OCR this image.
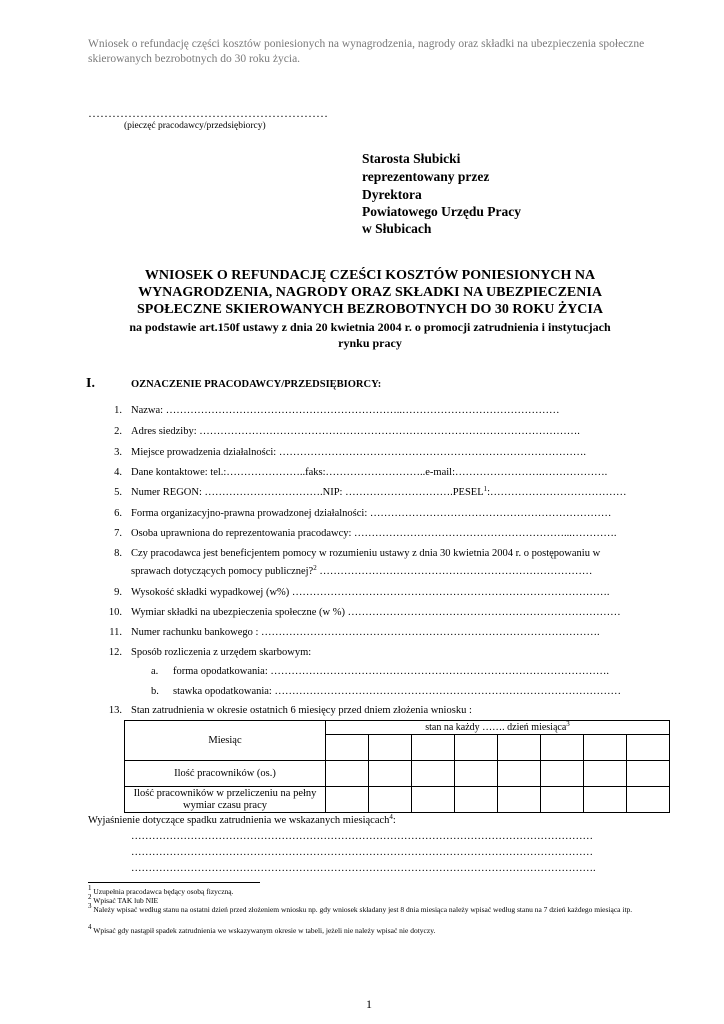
Wniosek o refundację części kosztów poniesionych na wynagrodzenia, nagrody oraz składki na ubezpieczenia społeczne skierowanych bezrobotnych do 30 roku życia.
……………………………………………………
(pieczęć pracodawcy/przedsiębiorcy)
Starosta Słubicki
reprezentowany przez
Dyrektora
Powiatowego Urzędu Pracy
w Słubicach
WNIOSEK O REFUNDACJĘ CZEŚCI KOSZTÓW PONIESIONYCH NA
WYNAGRODZENIA, NAGRODY ORAZ SKŁADKI NA UBEZPIECZENIA
SPOŁECZNE SKIEROWANYCH BEZROBOTNYCH DO 30 ROKU ŻYCIA
na podstawie art.150f ustawy z dnia 20 kwietnia 2004 r. o promocji zatrudnienia i instytucjach
rynku pracy
I.	OZNACZENIE PRACODAWCY/PRZEDSIĘBIORCY:
1. Nazwa: …………………………………………………………..………………………………………
2. Adres siedziby: ……………………………………………………………………………………………….
3. Miejsce prowadzenia działalności: …………………………………………………………………………….
4. Dane kontaktowe: tel.:…………………..faks:………………………..e-mail:…………………….……………….
5. Numer REGON: …………………………….NIP: ………………………….PESEL$^1$:…………………………………
6. Forma organizacyjno-prawna prowadzonej działalności: ……………………………………………………………
7. Osoba uprawniona do reprezentowania pracodawcy: ……………………………………………………...………….
8. Czy pracodawca jest beneficjentem pomocy w rozumieniu ustawy z dnia 30 kwietnia 2004 r. o postępowaniu w
sprawach dotyczących pomocy publicznej?$^2$ ……………………………………………………………………
9. Wysokość składki wypadkowej (w%) ……………………………………………………………………………….
10. Wymiar składki na ubezpieczenia społeczne (w %) ……………………………………………………………………
11. Numer rachunku bankowego : …………………………………………………………………………………….
12. Sposób rozliczenia z urzędem skarbowym:
a. forma opodatkowania: …………………………………………………………………………………….
b. stawka opodatkowania: ………………………………………………………………………………………
13. Stan zatrudnienia w okresie ostatnich 6 miesięcy przed dniem złożenia wniosku :
Miesiąc	stan na każdy ……. dzień miesiąca$^3$

Ilość pracowników (os.)								
Ilość pracowników w przeliczeniu na pełny
wymiar czasu pracy								
Wyjaśnienie dotyczące spadku zatrudnienia we wskazanych miesiącach$^4$:
……………………………………………………………………………………………………………………
……………………………………………………………………………………………………………………
…………………………………………………………………………………………………………………….
$^1$ Uzupełnia pracodawca będący osobą fizyczną.
$^2$ Wpisać TAK lub NIE
$^3$ Należy wpisać według stanu na ostatni dzień przed złożeniem wniosku np. gdy wniosek składany jest 8 dnia miesiąca należy wpisać według stanu na 7 dzień każdego miesiąca itp.
$^4$ Wpisać gdy nastąpił spadek zatrudnienia we wskazywanym okresie w tabeli, jeżeli nie należy wpisać nie dotyczy.
1
